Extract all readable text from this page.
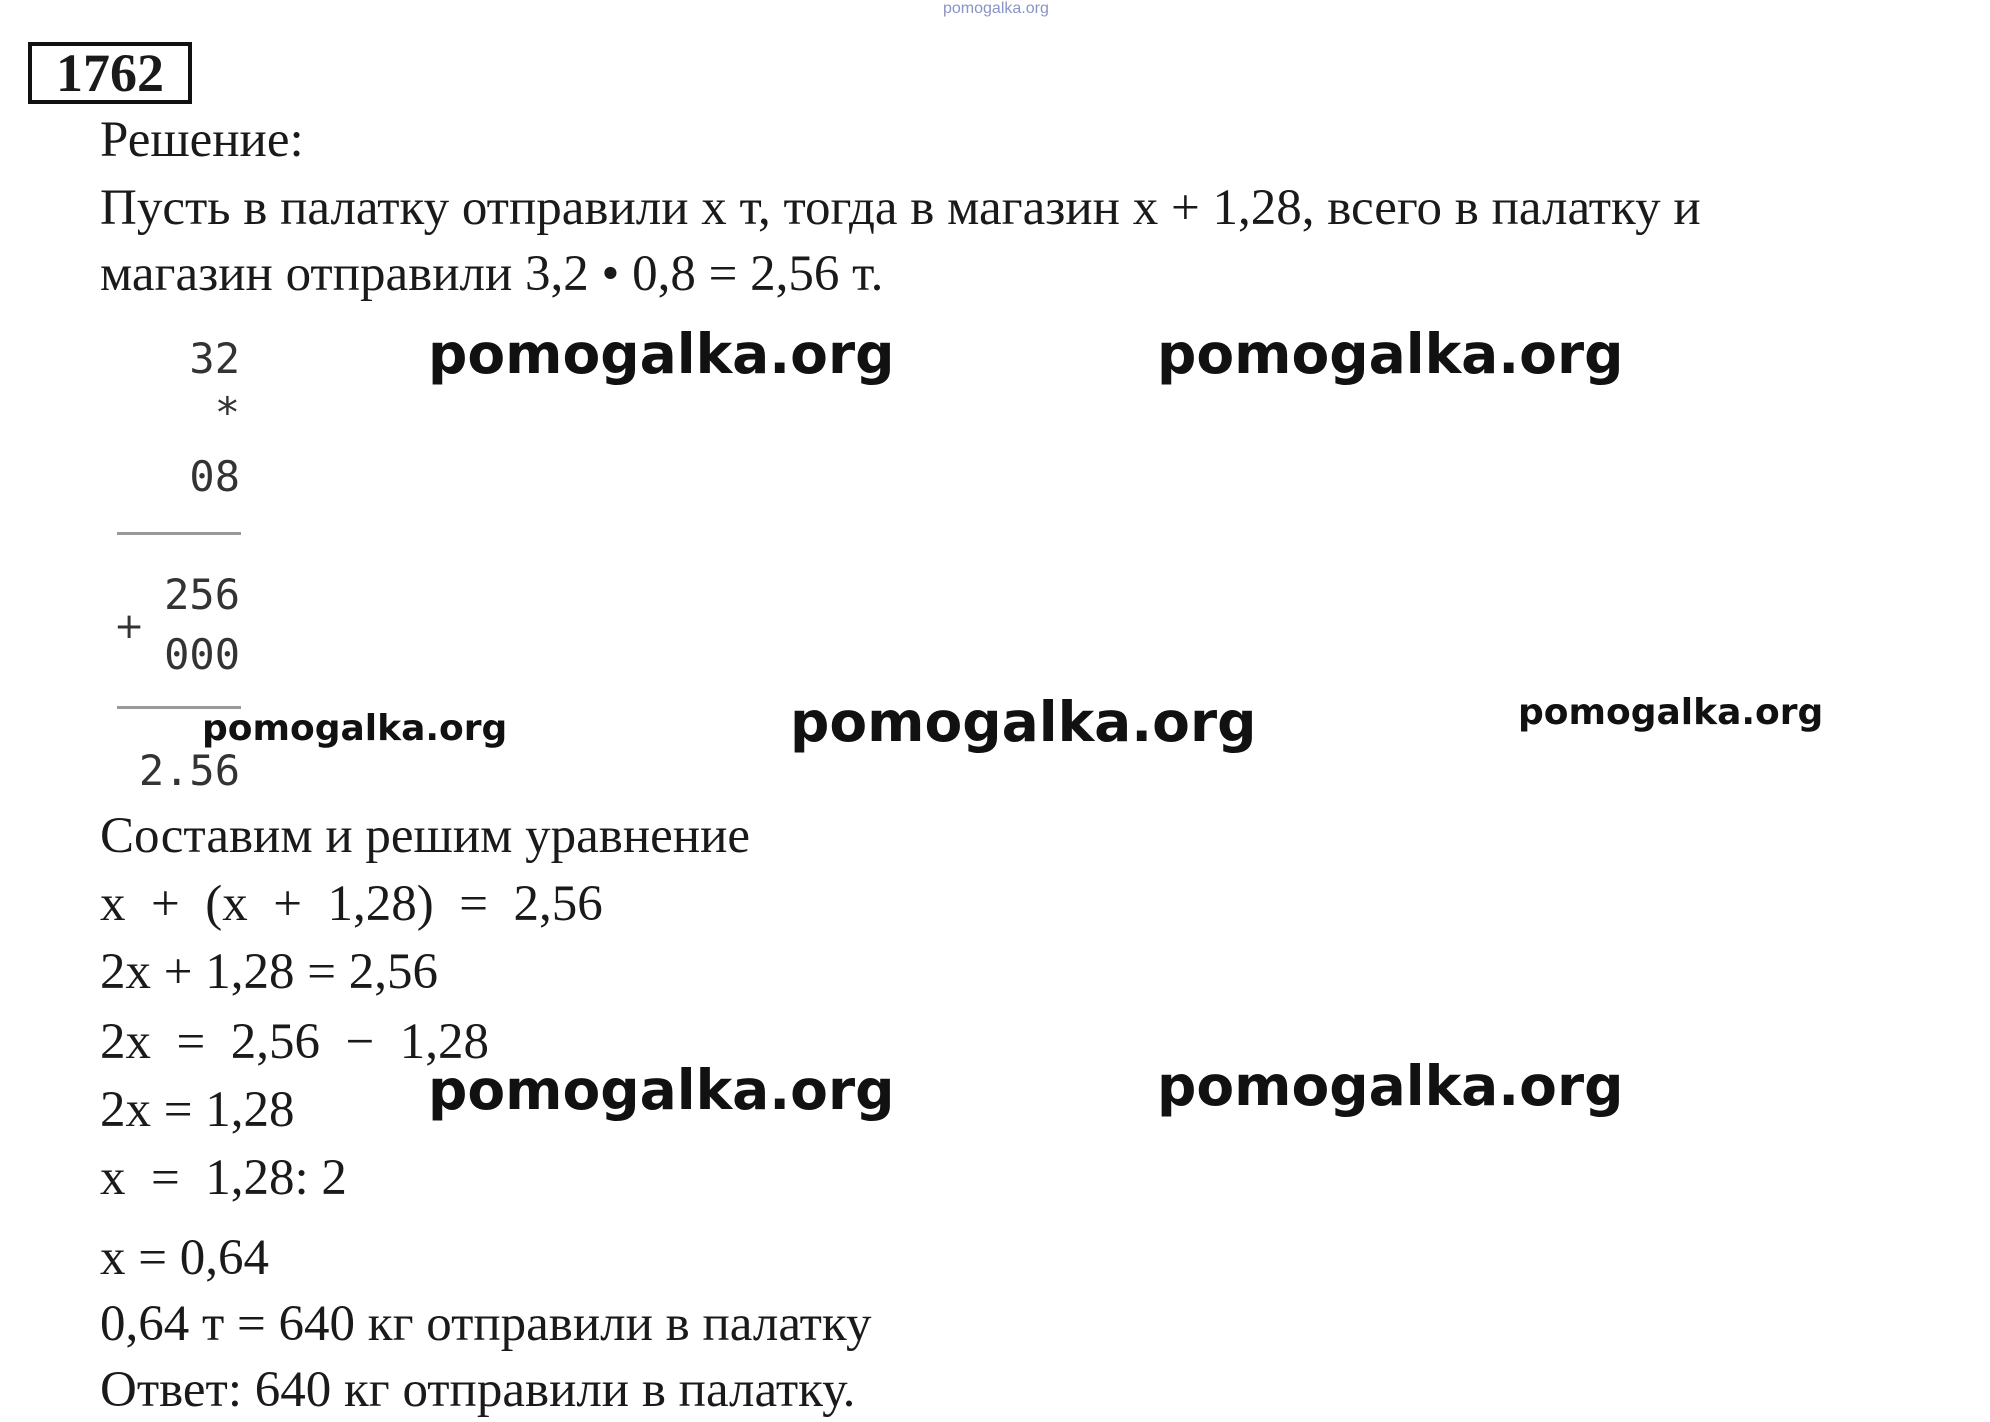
pomogalka.org
1762
Решение:
Пусть в палатку отправили х т, тогда в магазин х + 1,28, всего в палатку и
магазин отправили 3,2 • 0,8 = 2,56 т.
32
*
08
256
+
000
2.56
pomogalka.org	pomogalka.org
pomogalka.org	pomogalka.org	pomogalka.org
pomogalka.org	pomogalka.org
Составим и решим уравнение
х  +  (х  +  1,28)  =  2,56
2х + 1,28 = 2,56
2х  =  2,56  −  1,28
2х = 1,28
х  =  1,28: 2
х = 0,64
0,64 т = 640 кг отправили в палатку
Ответ: 640 кг отправили в палатку.
